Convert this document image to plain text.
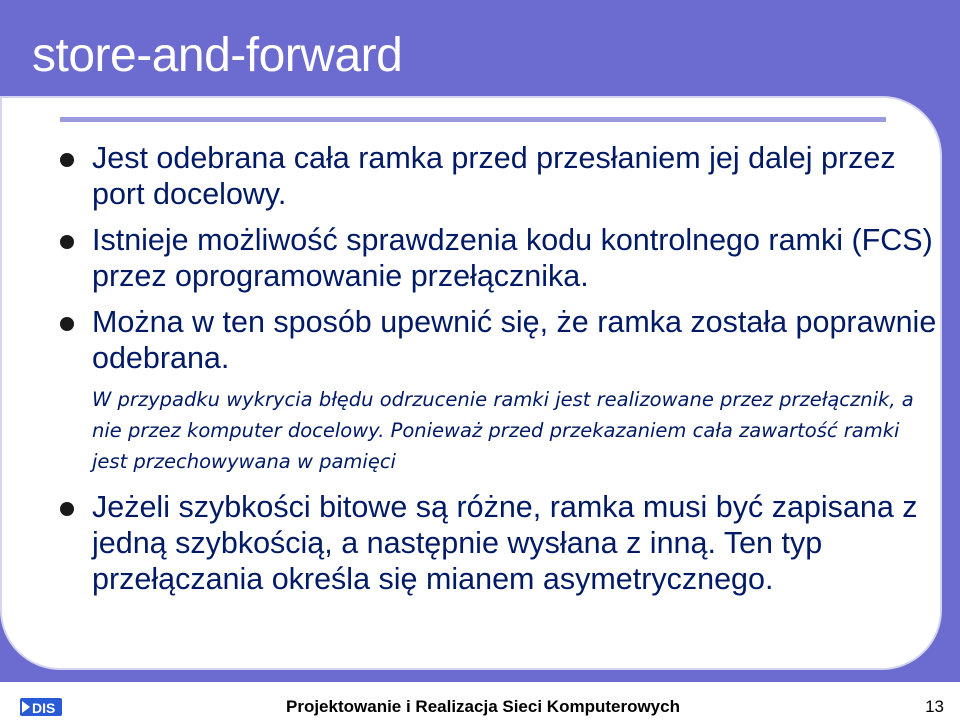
store-and-forward
Jest odebrana cała ramka przed przesłaniem jej dalej przez port docelowy.
Istnieje możliwość sprawdzenia kodu kontrolnego ramki (FCS) przez oprogramowanie przełącznika.
Można w ten sposób upewnić się, że ramka została poprawnie odebrana.
W przypadku wykrycia błędu odrzucenie ramki jest realizowane przez przełącznik, a nie przez komputer docelowy. Ponieważ przed przekazaniem cała zawartość ramki jest przechowywana w pamięci
Jeżeli szybkości bitowe są różne, ramka musi być zapisana z jedną szybkością, a następnie wysłana z inną. Ten typ przełączania określa się mianem asymetrycznego.
DIS	Projektowanie i Realizacja Sieci Komputerowych	13
